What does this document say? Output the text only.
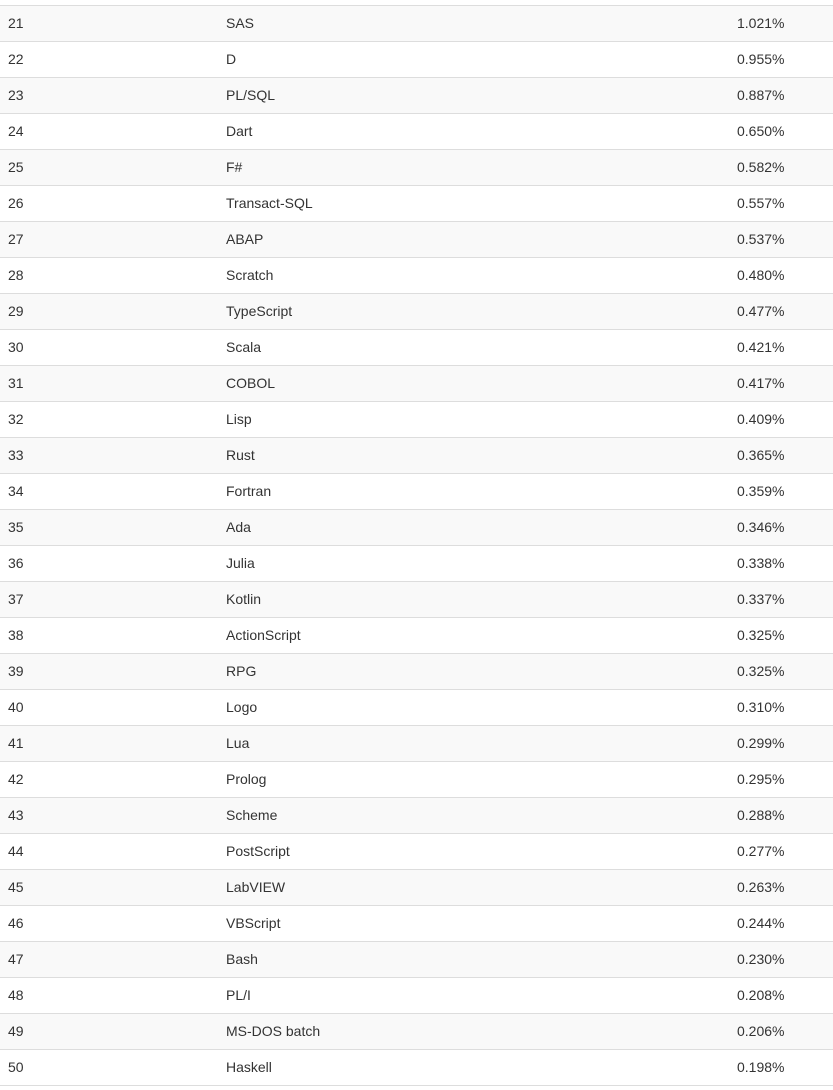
21	SAS	1.021%
22	D	0.955%
23	PL/SQL	0.887%
24	Dart	0.650%
25	F#	0.582%
26	Transact-SQL	0.557%
27	ABAP	0.537%
28	Scratch	0.480%
29	TypeScript	0.477%
30	Scala	0.421%
31	COBOL	0.417%
32	Lisp	0.409%
33	Rust	0.365%
34	Fortran	0.359%
35	Ada	0.346%
36	Julia	0.338%
37	Kotlin	0.337%
38	ActionScript	0.325%
39	RPG	0.325%
40	Logo	0.310%
41	Lua	0.299%
42	Prolog	0.295%
43	Scheme	0.288%
44	PostScript	0.277%
45	LabVIEW	0.263%
46	VBScript	0.244%
47	Bash	0.230%
48	PL/I	0.208%
49	MS-DOS batch	0.206%
50	Haskell	0.198%
